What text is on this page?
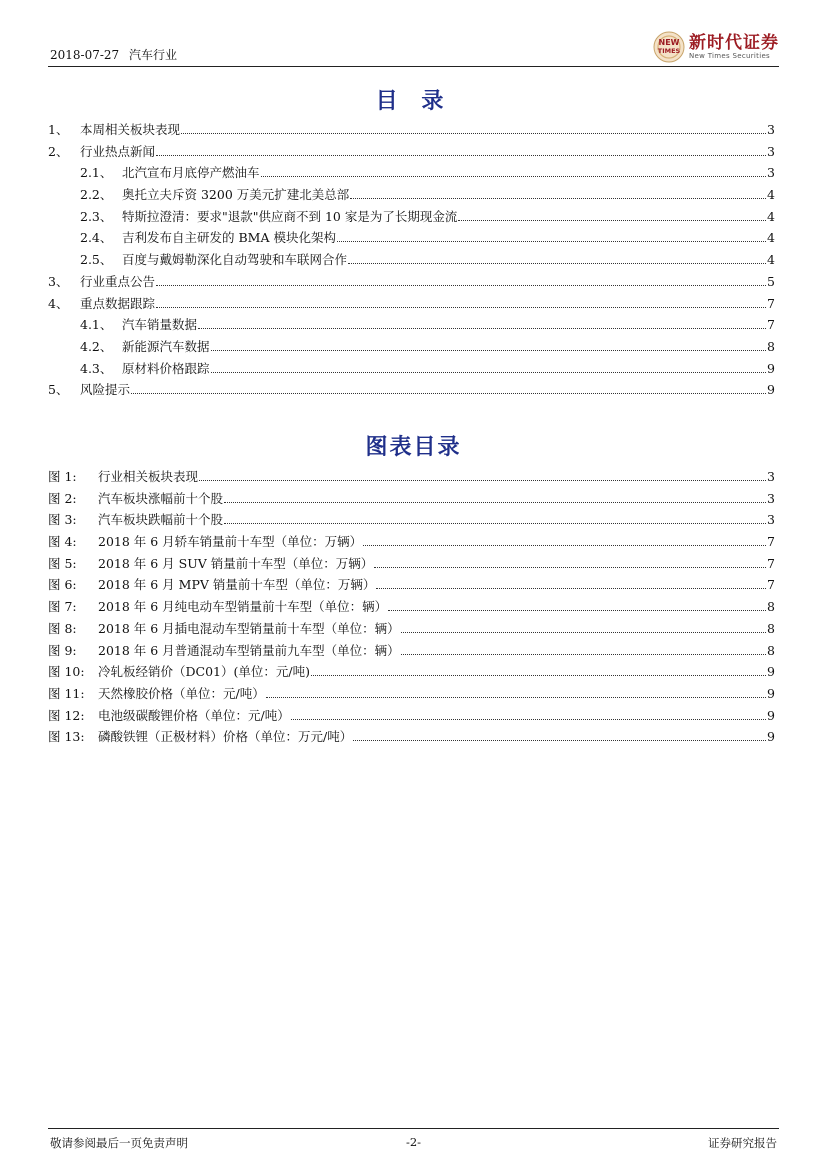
2018-07-27 汽车行业
NEW
TIMES 新时代证券
New Times Securities
目 录
1、 本周相关板块表现	3
2、 行业热点新闻	3
2.1、 北汽宣布月底停产燃油车	3
2.2、 奥托立夫斥资 3200 万美元扩建北美总部	4
2.3、 特斯拉澄清：要求"退款"供应商不到 10 家是为了长期现金流	4
2.4、 吉利发布自主研发的 BMA 模块化架构	4
2.5、 百度与戴姆勒深化自动驾驶和车联网合作	4
3、 行业重点公告	5
4、 重点数据跟踪	7
4.1、 汽车销量数据	7
4.2、 新能源汽车数据	8
4.3、 原材料价格跟踪	9
5、 风险提示	9
图表目录
图 1:	行业相关板块表现	3
图 2:	汽车板块涨幅前十个股	3
图 3:	汽车板块跌幅前十个股	3
图 4:	2018 年 6 月轿车销量前十车型（单位：万辆）	7
图 5:	2018 年 6 月 SUV 销量前十车型（单位：万辆）	7
图 6:	2018 年 6 月 MPV 销量前十车型（单位：万辆）	7
图 7:	2018 年 6 月纯电动车型销量前十车型（单位：辆）	8
图 8:	2018 年 6 月插电混动车型销量前十车型（单位：辆）	8
图 9:	2018 年 6 月普通混动车型销量前九车型（单位：辆）	8
图 10:	冷轧板经销价（DC01）(单位：元/吨)	9
图 11:	天然橡胶价格（单位：元/吨）	9
图 12:	电池级碳酸锂价格（单位：元/吨）	9
图 13:	磷酸铁锂（正极材料）价格（单位：万元/吨）	9
敬请参阅最后一页免责声明	-2-	证券研究报告
